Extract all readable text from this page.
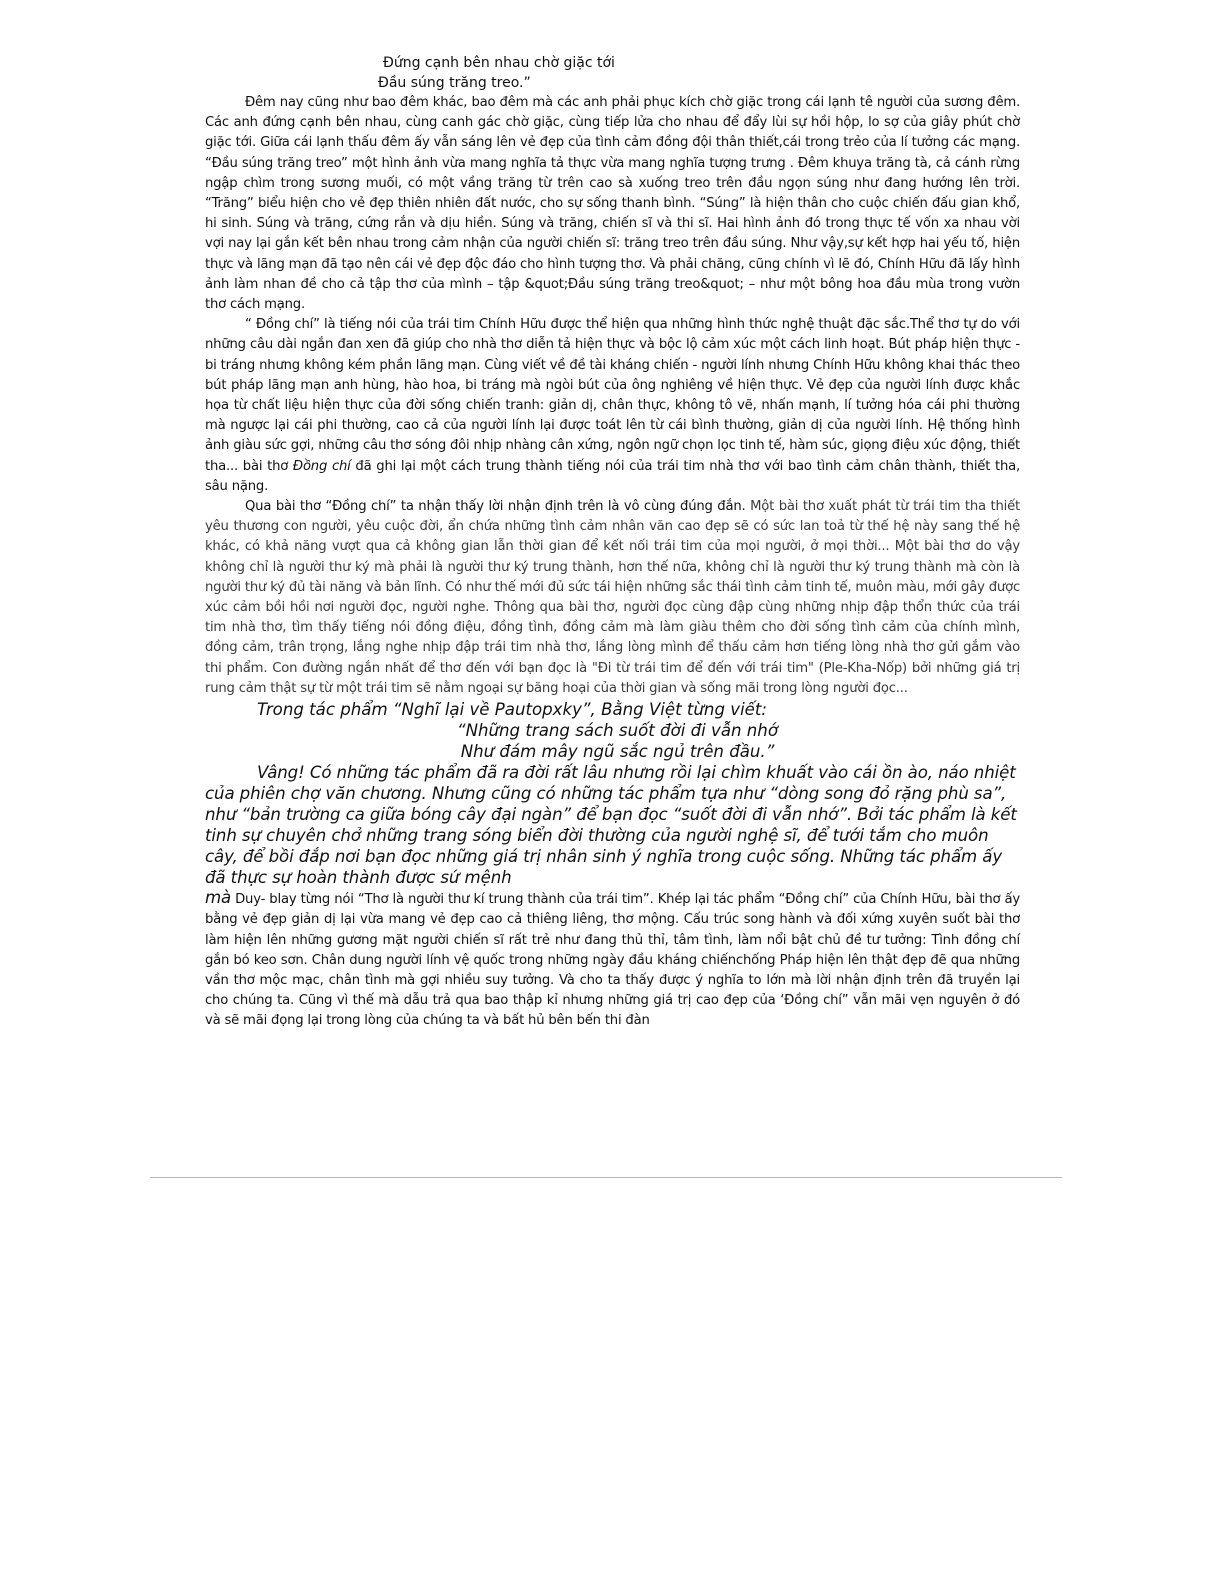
Đứng cạnh bên nhau chờ giặc tới

Đầu súng trăng treo.”

Đêm nay cũng như bao đêm khác, bao đêm mà các anh phải phục kích chờ giặc trong cái lạnh tê người của sương đêm. Các anh đứng cạnh bên nhau, cùng canh gác chờ giặc, cùng tiếp lửa cho nhau để đẩy lùi sự hồi hộp, lo sợ của giây phút chờ giặc tới. Giữa cái lạnh thấu đêm ấy vẫn sáng lên vẻ đẹp của tình cảm đồng đội thân thiết,cái trong trẻo của lí tưởng các mạng. “Đầu súng trăng treo” một hình ảnh vừa mang nghĩa tả thực vừa mang nghĩa tượng trưng . Đêm khuya trăng tà, cả cánh rừng ngập chìm trong sương muối, có một vầng trăng từ trên cao sà xuống treo trên đầu ngọn súng như đang hướng lên trời. “Trăng” biểu hiện cho vẻ đẹp thiên nhiên đất nước, cho sự sống thanh bình. “Súng” là hiện thân cho cuộc chiến đấu gian khổ, hi sinh. Súng và trăng, cứng rắn và dịu hiền. Súng và trăng, chiến sĩ và thi sĩ. Hai hình ảnh đó trong thực tế vốn xa nhau vời vợi nay lại gắn kết bên nhau trong cảm nhận của người chiến sĩ: trăng treo trên đầu súng. Như vậy,sự kết hợp hai yếu tố, hiện thực và lãng mạn đã tạo nên cái vẻ đẹp độc đáo cho hình tượng thơ. Và phải chăng, cũng chính vì lẽ đó, Chính Hữu đã lấy hình ảnh làm nhan đề cho cả tập thơ của mình – tập &quot;Đầu súng trăng treo&quot; – như một bông hoa đầu mùa trong vườn thơ cách mạng.

“ Đồng chí” là tiếng nói của trái tim Chính Hữu được thể hiện qua những hình thức nghệ thuật đặc sắc.Thể thơ tự do với những câu dài ngắn đan xen đã giúp cho nhà thơ diễn tả hiện thực và bộc lộ cảm xúc một cách linh hoạt. Bút pháp hiện thực - bi tráng nhưng không kém phần lãng mạn. Cùng viết về đề tài kháng chiến - người lính nhưng Chính Hữu không khai thác theo bút pháp lãng mạn anh hùng, hào hoa, bi tráng mà ngòi bút của ông nghiêng về hiện thực. Vẻ đẹp của người lính được khắc họa từ chất liệu hiện thực của đời sống chiến tranh: giản dị, chân thực, không tô vẽ, nhấn mạnh, lí tưởng hóa cái phi thường mà ngược lại cái phi thường, cao cả của người lính lại được toát lên từ cái bình thường, giản dị của người lính. Hệ thống hình ảnh giàu sức gợi, những câu thơ sóng đôi nhịp nhàng cân xứng, ngôn ngữ chọn lọc tinh tế, hàm súc, giọng điệu xúc động, thiết tha... bài thơ Đồng chí đã ghi lại một cách trung thành tiếng nói của trái tim nhà thơ với bao tình cảm chân thành, thiết tha, sâu nặng.

Qua bài thơ “Đồng chí” ta nhận thấy lời nhận định trên là vô cùng đúng đắn. Một bài thơ xuất phát từ trái tim tha thiết yêu thương con người, yêu cuộc đời, ẩn chứa những tình cảm nhân văn cao đẹp sẽ có sức lan toả từ thế hệ này sang thế hệ khác, có khả năng vượt qua cả không gian lẫn thời gian để kết nối trái tim của mọi người, ở mọi thời... Một bài thơ do vậy không chỉ là người thư ký mà phải là người thư ký trung thành, hơn thế nữa, không chỉ là người thư ký trung thành mà còn là người thư ký đủ tài năng và bản lĩnh. Có như thế mới đủ sức tái hiện những sắc thái tình cảm tinh tế, muôn màu, mới gây được xúc cảm bồi hồi nơi người đọc, người nghe. Thông qua bài thơ, người đọc cùng đập cùng những nhịp đập thổn thức của trái tim nhà thơ, tìm thấy tiếng nói đồng điệu, đồng tình, đồng cảm mà làm giàu thêm cho đời sống tình cảm của chính mình, đồng cảm, trân trọng, lắng nghe nhịp đập trái tim nhà thơ, lắng lòng mình để thấu cảm hơn tiếng lòng nhà thơ gửi gắm vào thi phẩm. Con đường ngắn nhất để thơ đến với bạn đọc là "Đi từ trái tim để đến với trái tim" (Ple-Kha-Nốp) bởi những giá trị rung cảm thật sự từ một trái tim sẽ nằm ngoại sự băng hoại của thời gian và sống mãi trong lòng người đọc...

Trong tác phẩm “Nghĩ lại về Pautopxky”, Bằng Việt từng viết:

“Những trang sách suốt đời đi vẫn nhớ

Như đám mây ngũ sắc ngủ trên đầu.”

Vâng! Có những tác phẩm đã ra đời rất lâu nhưng rồi lại chìm khuất vào cái ồn ào, náo nhiệt của phiên chợ văn chương. Nhưng cũng có những tác phẩm tựa như “dòng song đỏ rặng phù sa”, như “bản trường ca giữa bóng cây đại ngàn” để bạn đọc “suốt đời đi vẫn nhớ”. Bởi tác phẩm là kết tinh sự chuyên chở những trang sóng biển đời thường của người nghệ sĩ, để tưới tắm cho muôn cây, để bồi đắp nơi bạn đọc những giá trị nhân sinh ý nghĩa trong cuộc sống. Những tác phẩm ấy đã thực sự hoàn thành được sứ mệnh

mà Duy- blay từng nói “Thơ là người thư kí trung thành của trái tim”. Khép lại tác phẩm “Đồng chí” của Chính Hữu, bài thơ ấy bằng vẻ đẹp giản dị lại vừa mang vẻ đẹp cao cả thiêng liêng, thơ mộng. Cấu trúc song hành và đối xứng xuyên suốt bài thơ làm hiện lên những gương mặt người chiến sĩ rất trẻ như đang thủ thỉ, tâm tình, làm nổi bật chủ đề tư tưởng: Tình đồng chí gắn bó keo sơn. Chân dung người lính vệ quốc trong những ngày đầu kháng chiếnchống Pháp hiện lên thật đẹp đẽ qua những vần thơ mộc mạc, chân tình mà gợi nhiều suy tưởng. Và cho ta thấy được ý nghĩa to lớn mà lời nhận định trên đã truyền lại cho chúng ta. Cũng vì thế mà dẫu trả qua bao thập kỉ nhưng những giá trị cao đẹp của ‘Đồng chí” vẫn mãi vẹn nguyên ở đó và sẽ mãi đọng lại trong lòng của chúng ta và bất hủ bên bến thi đàn
